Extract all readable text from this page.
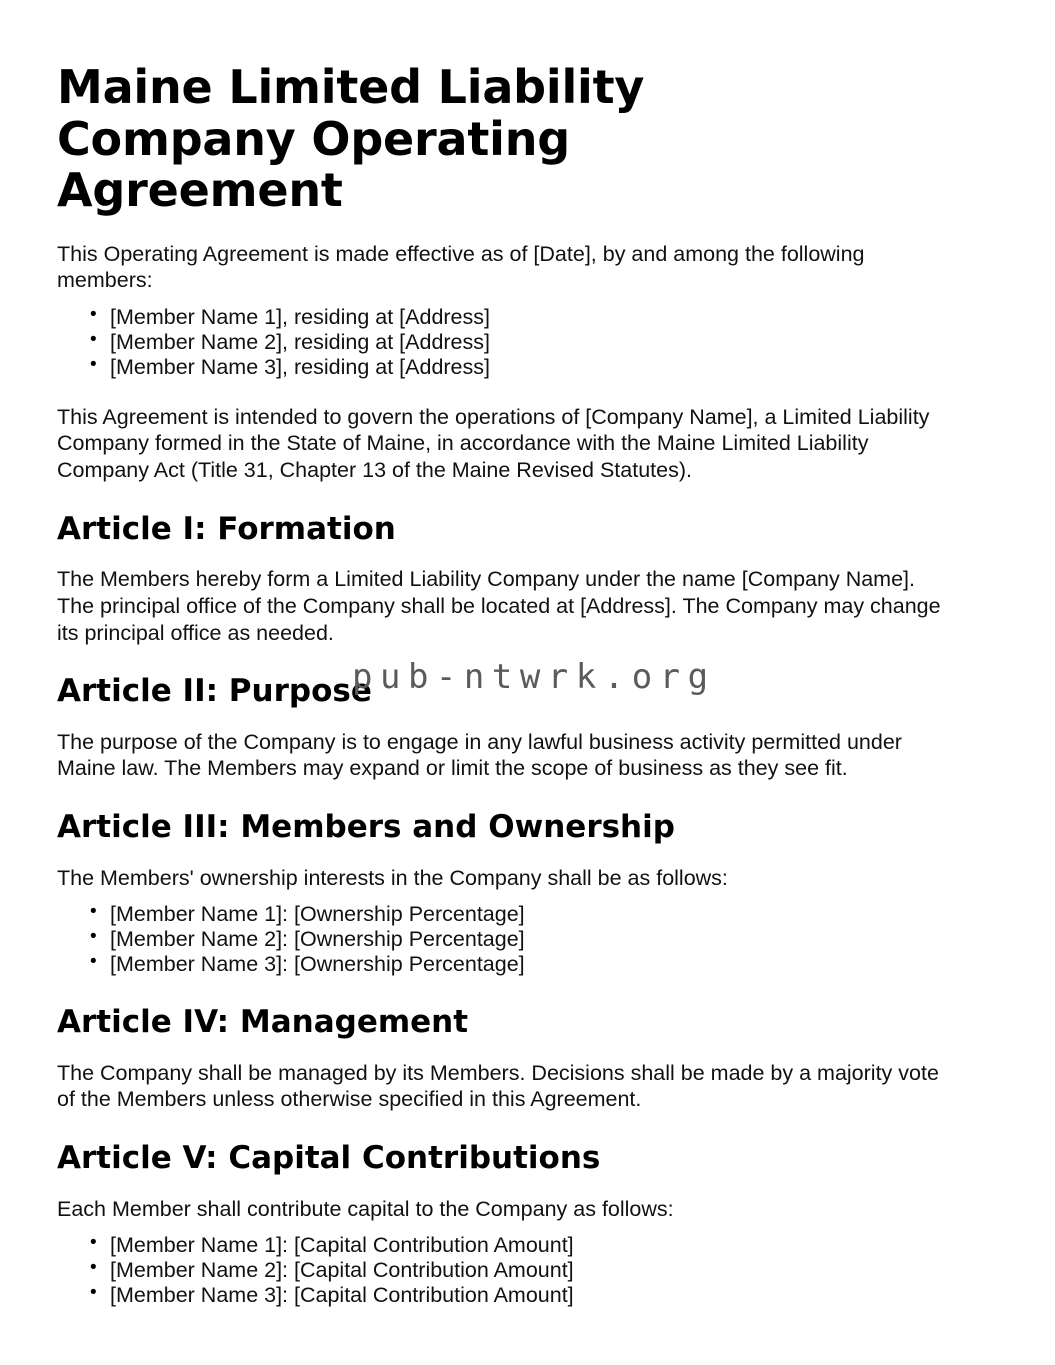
Maine Limited Liability Company Operating Agreement

This Operating Agreement is made effective as of [Date], by and among the following members:

• [Member Name 1], residing at [Address]
• [Member Name 2], residing at [Address]
• [Member Name 3], residing at [Address]

This Agreement is intended to govern the operations of [Company Name], a Limited Liability Company formed in the State of Maine, in accordance with the Maine Limited Liability Company Act (Title 31, Chapter 13 of the Maine Revised Statutes).

Article I: Formation

The Members hereby form a Limited Liability Company under the name [Company Name]. The principal office of the Company shall be located at [Address]. The Company may change its principal office as needed.

Article II: Purpose

The purpose of the Company is to engage in any lawful business activity permitted under Maine law. The Members may expand or limit the scope of business as they see fit.

Article III: Members and Ownership

The Members' ownership interests in the Company shall be as follows:

• [Member Name 1]: [Ownership Percentage]
• [Member Name 2]: [Ownership Percentage]
• [Member Name 3]: [Ownership Percentage]
Article IV: Management

The Company shall be managed by its Members. Decisions shall be made by a majority vote of the Members unless otherwise specified in this Agreement.

Article V: Capital Contributions

Each Member shall contribute capital to the Company as follows:

• [Member Name 1]: [Capital Contribution Amount]
• [Member Name 2]: [Capital Contribution Amount]
• [Member Name 3]: [Capital Contribution Amount]
pub-ntwrk.org
